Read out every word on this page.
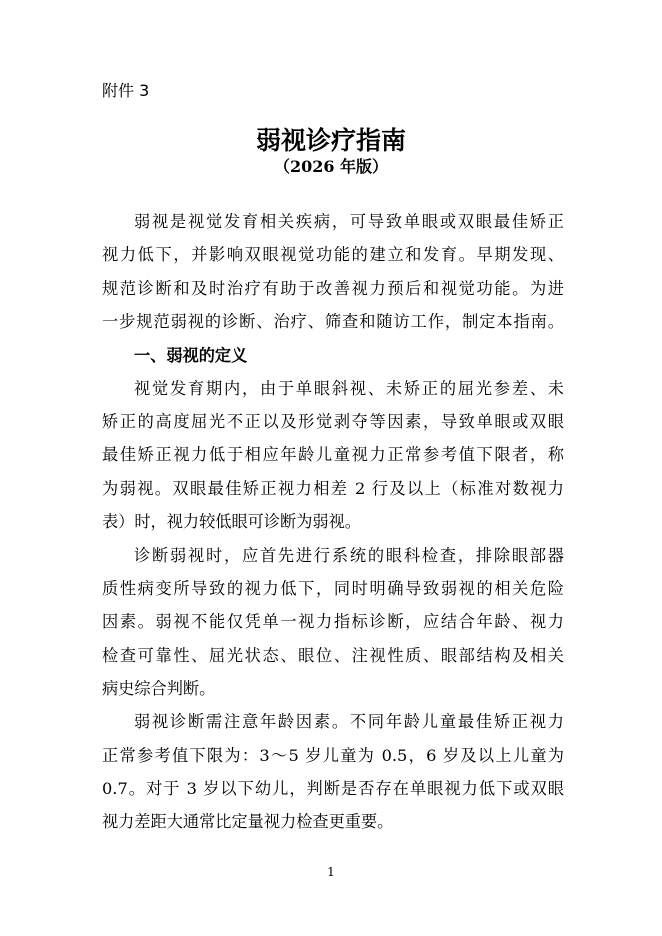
附件 3
弱视诊疗指南
（2026 年版）
弱视是视觉发育相关疾病，可导致单眼或双眼最佳矫正
视力低下，并影响双眼视觉功能的建立和发育。早期发现、
规范诊断和及时治疗有助于改善视力预后和视觉功能。为进
一步规范弱视的诊断、治疗、筛查和随访工作，制定本指南。
一、弱视的定义
视觉发育期内，由于单眼斜视、未矫正的屈光参差、未
矫正的高度屈光不正以及形觉剥夺等因素，导致单眼或双眼
最佳矫正视力低于相应年龄儿童视力正常参考值下限者，称
为弱视。双眼最佳矫正视力相差 2 行及以上（标准对数视力
表）时，视力较低眼可诊断为弱视。
诊断弱视时，应首先进行系统的眼科检查，排除眼部器
质性病变所导致的视力低下，同时明确导致弱视的相关危险
因素。弱视不能仅凭单一视力指标诊断，应结合年龄、视力
检查可靠性、屈光状态、眼位、注视性质、眼部结构及相关
病史综合判断。
弱视诊断需注意年龄因素。不同年龄儿童最佳矫正视力
正常参考值下限为：3～5 岁儿童为 0.5，6 岁及以上儿童为
0.7。对于 3 岁以下幼儿，判断是否存在单眼视力低下或双眼
视力差距大通常比定量视力检查更重要。
1
